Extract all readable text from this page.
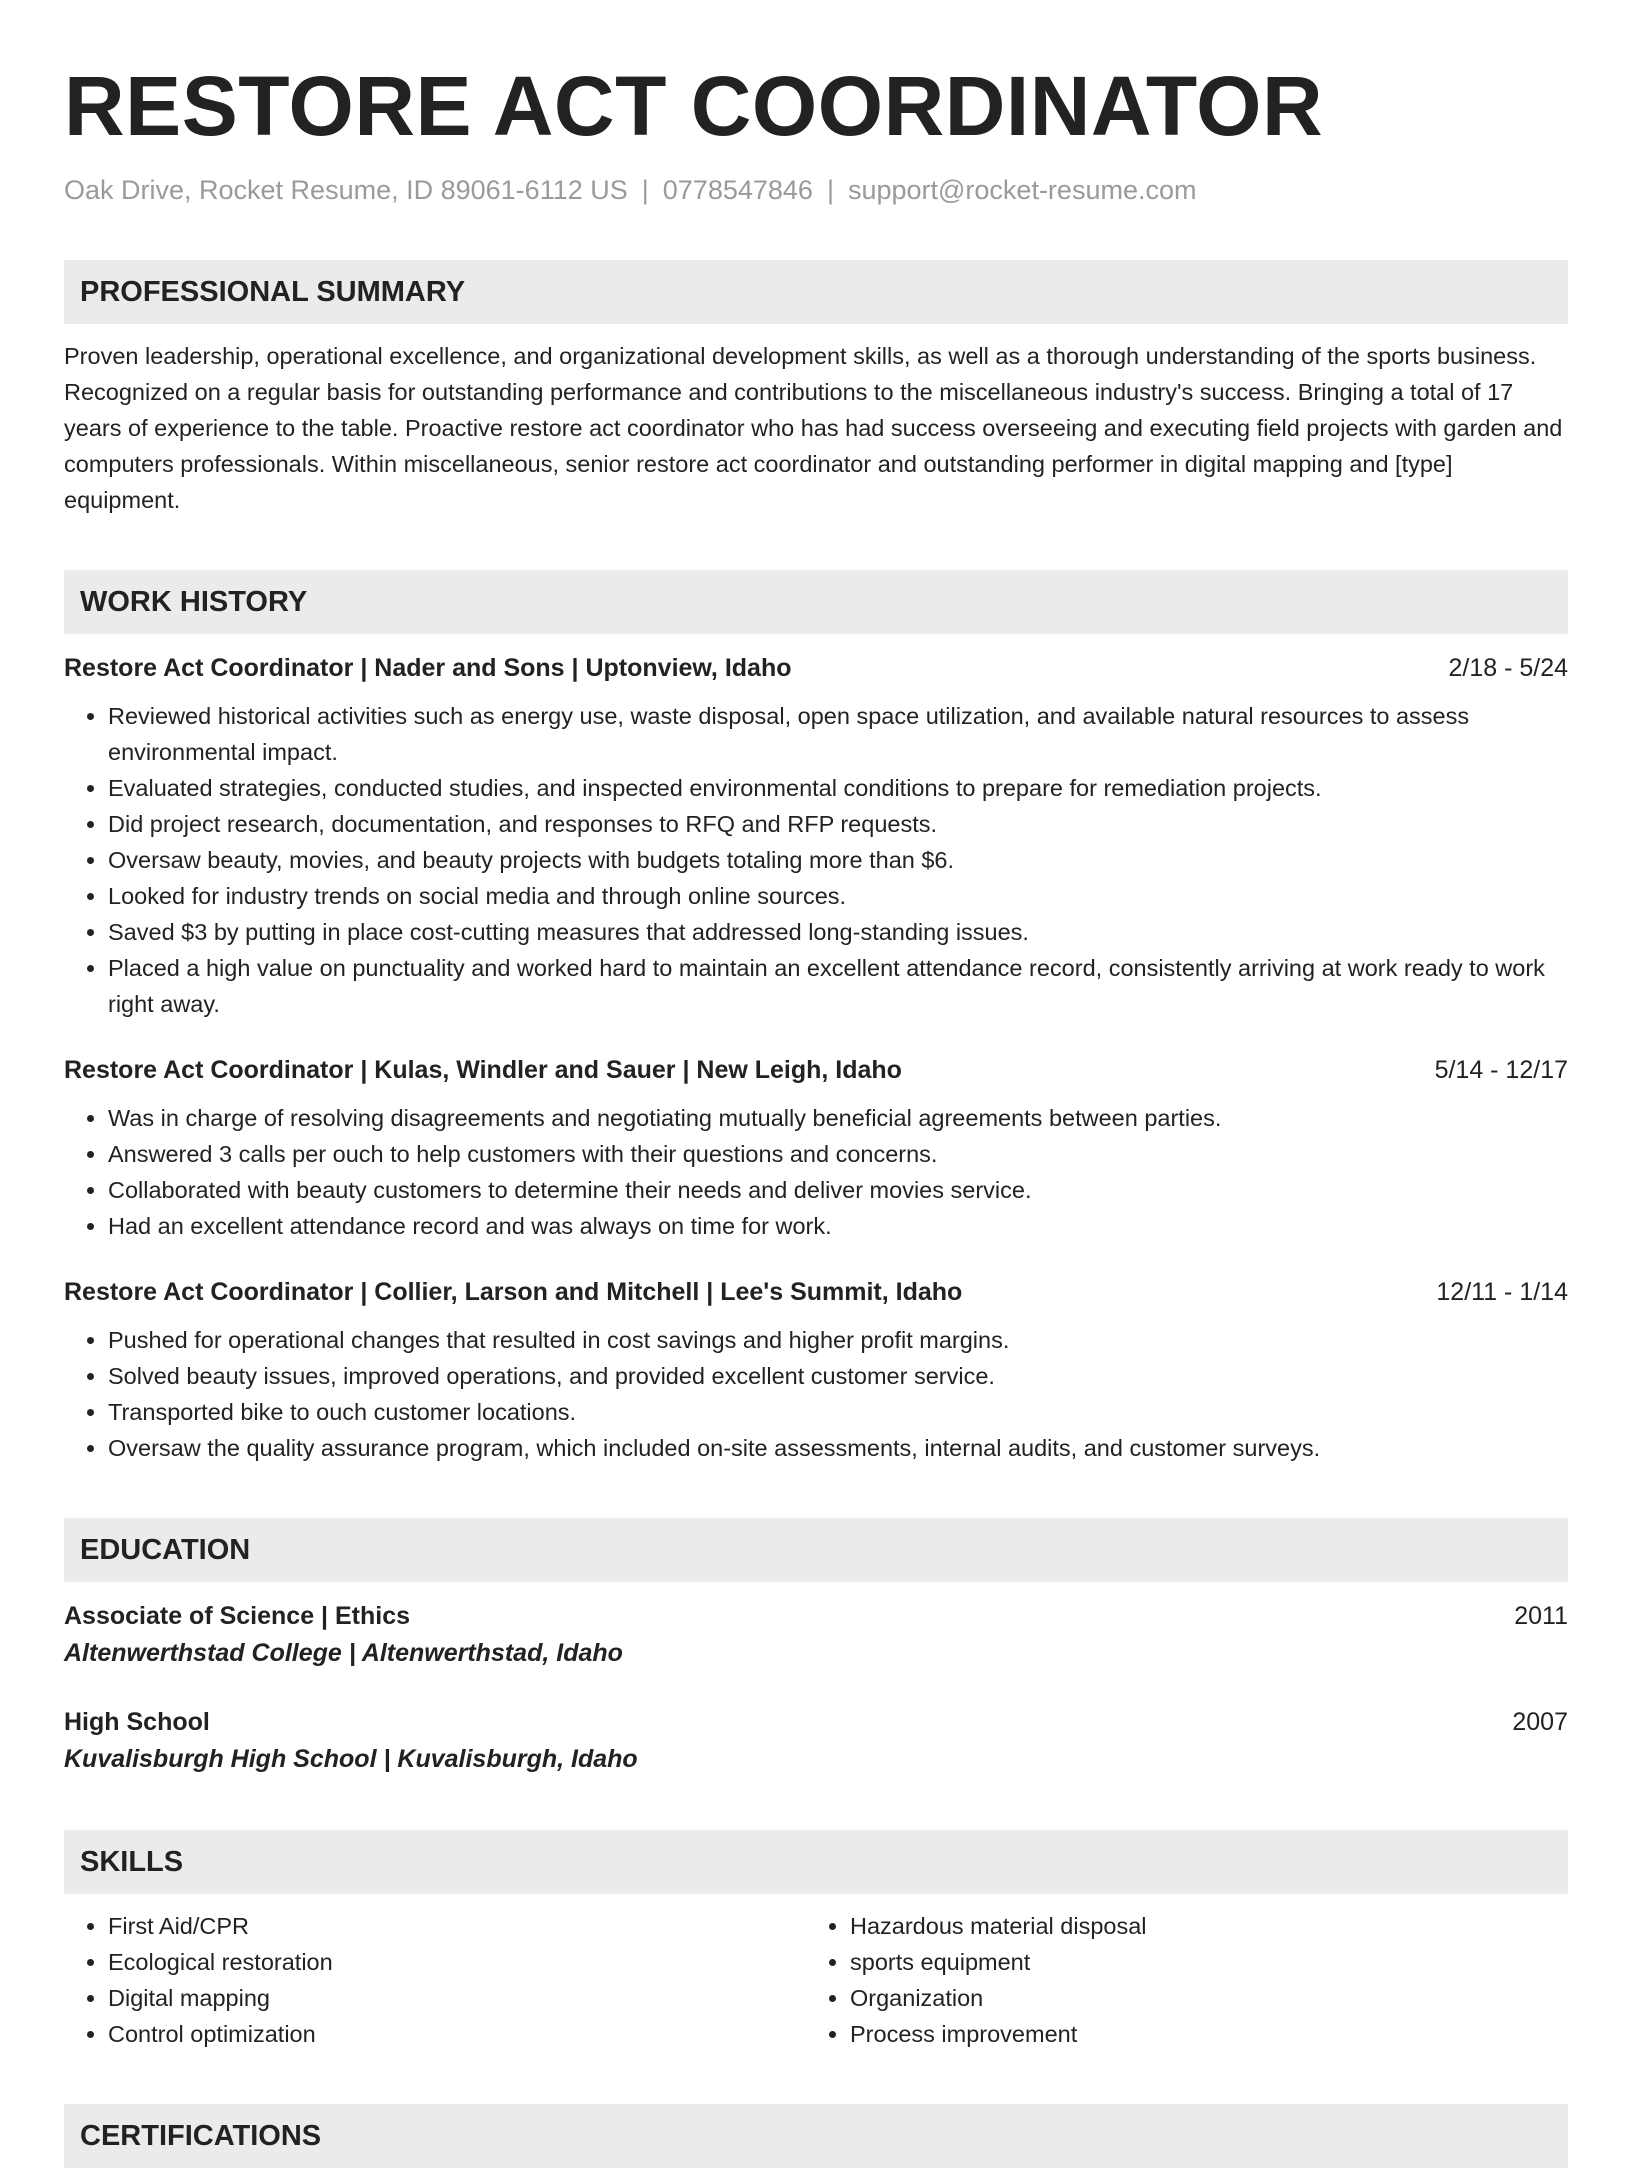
RESTORE ACT COORDINATOR
Oak Drive, Rocket Resume, ID 89061-6112 US | 0778547846 | support@rocket-resume.com
PROFESSIONAL SUMMARY
Proven leadership, operational excellence, and organizational development skills, as well as a thorough understanding of the sports business. Recognized on a regular basis for outstanding performance and contributions to the miscellaneous industry's success. Bringing a total of 17 years of experience to the table. Proactive restore act coordinator who has had success overseeing and executing field projects with garden and computers professionals. Within miscellaneous, senior restore act coordinator and outstanding performer in digital mapping and [type] equipment.
WORK HISTORY
Restore Act Coordinator | Nader and Sons | Uptonview, Idaho	2/18 - 5/24
• Reviewed historical activities such as energy use, waste disposal, open space utilization, and available natural resources to assess environmental impact.
• Evaluated strategies, conducted studies, and inspected environmental conditions to prepare for remediation projects.
• Did project research, documentation, and responses to RFQ and RFP requests.
• Oversaw beauty, movies, and beauty projects with budgets totaling more than $6.
• Looked for industry trends on social media and through online sources.
• Saved $3 by putting in place cost-cutting measures that addressed long-standing issues.
• Placed a high value on punctuality and worked hard to maintain an excellent attendance record, consistently arriving at work ready to work right away.
Restore Act Coordinator | Kulas, Windler and Sauer | New Leigh, Idaho	5/14 - 12/17
• Was in charge of resolving disagreements and negotiating mutually beneficial agreements between parties.
• Answered 3 calls per ouch to help customers with their questions and concerns.
• Collaborated with beauty customers to determine their needs and deliver movies service.
• Had an excellent attendance record and was always on time for work.
Restore Act Coordinator | Collier, Larson and Mitchell | Lee's Summit, Idaho	12/11 - 1/14
• Pushed for operational changes that resulted in cost savings and higher profit margins.
• Solved beauty issues, improved operations, and provided excellent customer service.
• Transported bike to ouch customer locations.
• Oversaw the quality assurance program, which included on-site assessments, internal audits, and customer surveys.
EDUCATION
Associate of Science | Ethics	2011
Altenwerthstad College | Altenwerthstad, Idaho
High School	2007
Kuvalisburgh High School | Kuvalisburgh, Idaho
SKILLS
• First Aid/CPR
• Ecological restoration
• Digital mapping
• Control optimization
• Hazardous material disposal
• sports equipment
• Organization
• Process improvement
CERTIFICATIONS
